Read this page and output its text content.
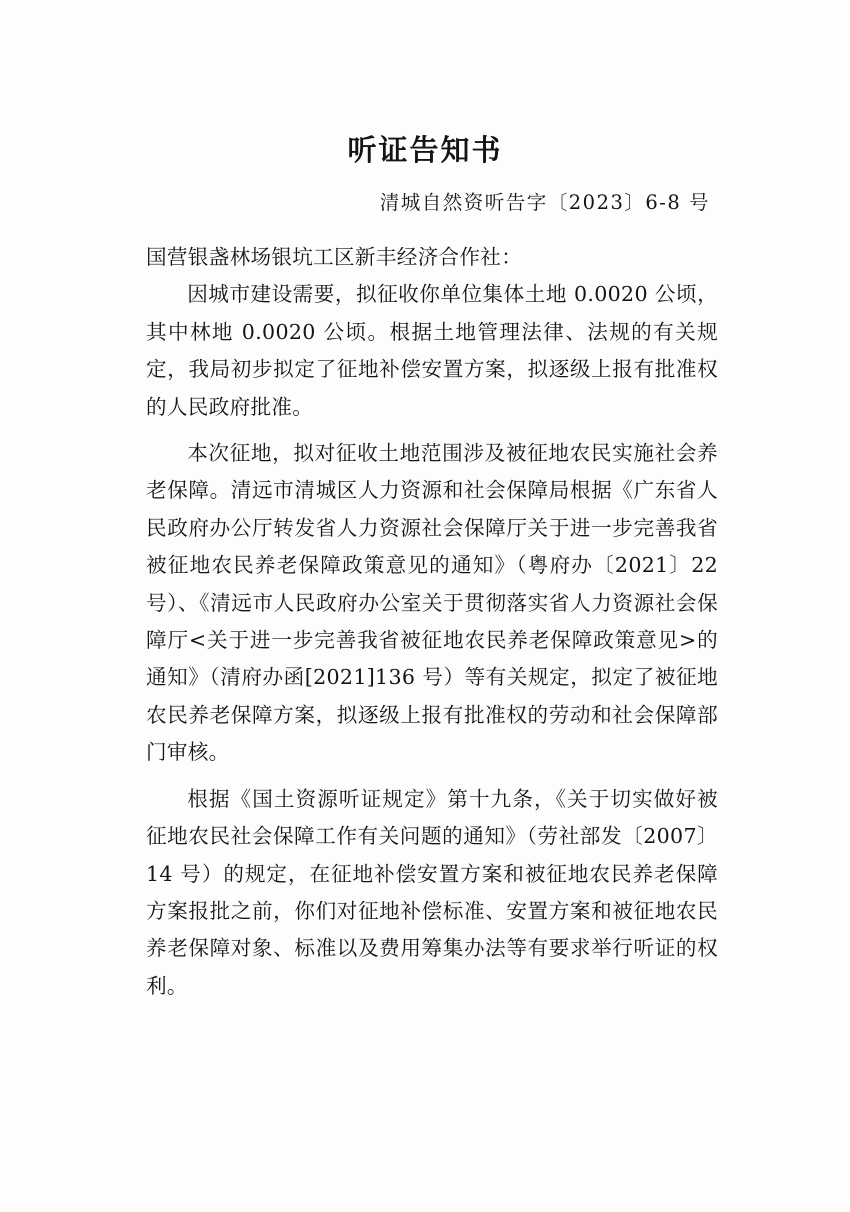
听证告知书
清城自然资听告字〔2023〕6-8 号

国营银盏林场银坑工区新丰经济合作社：

因城市建设需要，拟征收你单位集体土地 0.0020 公顷，其中林地 0.0020 公顷。根据土地管理法律、法规的有关规定，我局初步拟定了征地补偿安置方案，拟逐级上报有批准权的人民政府批准。

本次征地，拟对征收土地范围涉及被征地农民实施社会养老保障。清远市清城区人力资源和社会保障局根据《广东省人民政府办公厅转发省人力资源社会保障厅关于进一步完善我省被征地农民养老保障政策意见的通知》（粤府办〔2021〕22 号）、《清远市人民政府办公室关于贯彻落实省人力资源社会保障厅<关于进一步完善我省被征地农民养老保障政策意见>的通知》（清府办函[2021]136 号）等有关规定，拟定了被征地农民养老保障方案，拟逐级上报有批准权的劳动和社会保障部门审核。

根据《国土资源听证规定》第十九条，《关于切实做好被征地农民社会保障工作有关问题的通知》（劳社部发〔2007〕14 号）的规定，在征地补偿安置方案和被征地农民养老保障方案报批之前，你们对征地补偿标准、安置方案和被征地农民养老保障对象、标准以及费用筹集办法等有要求举行听证的权利。
